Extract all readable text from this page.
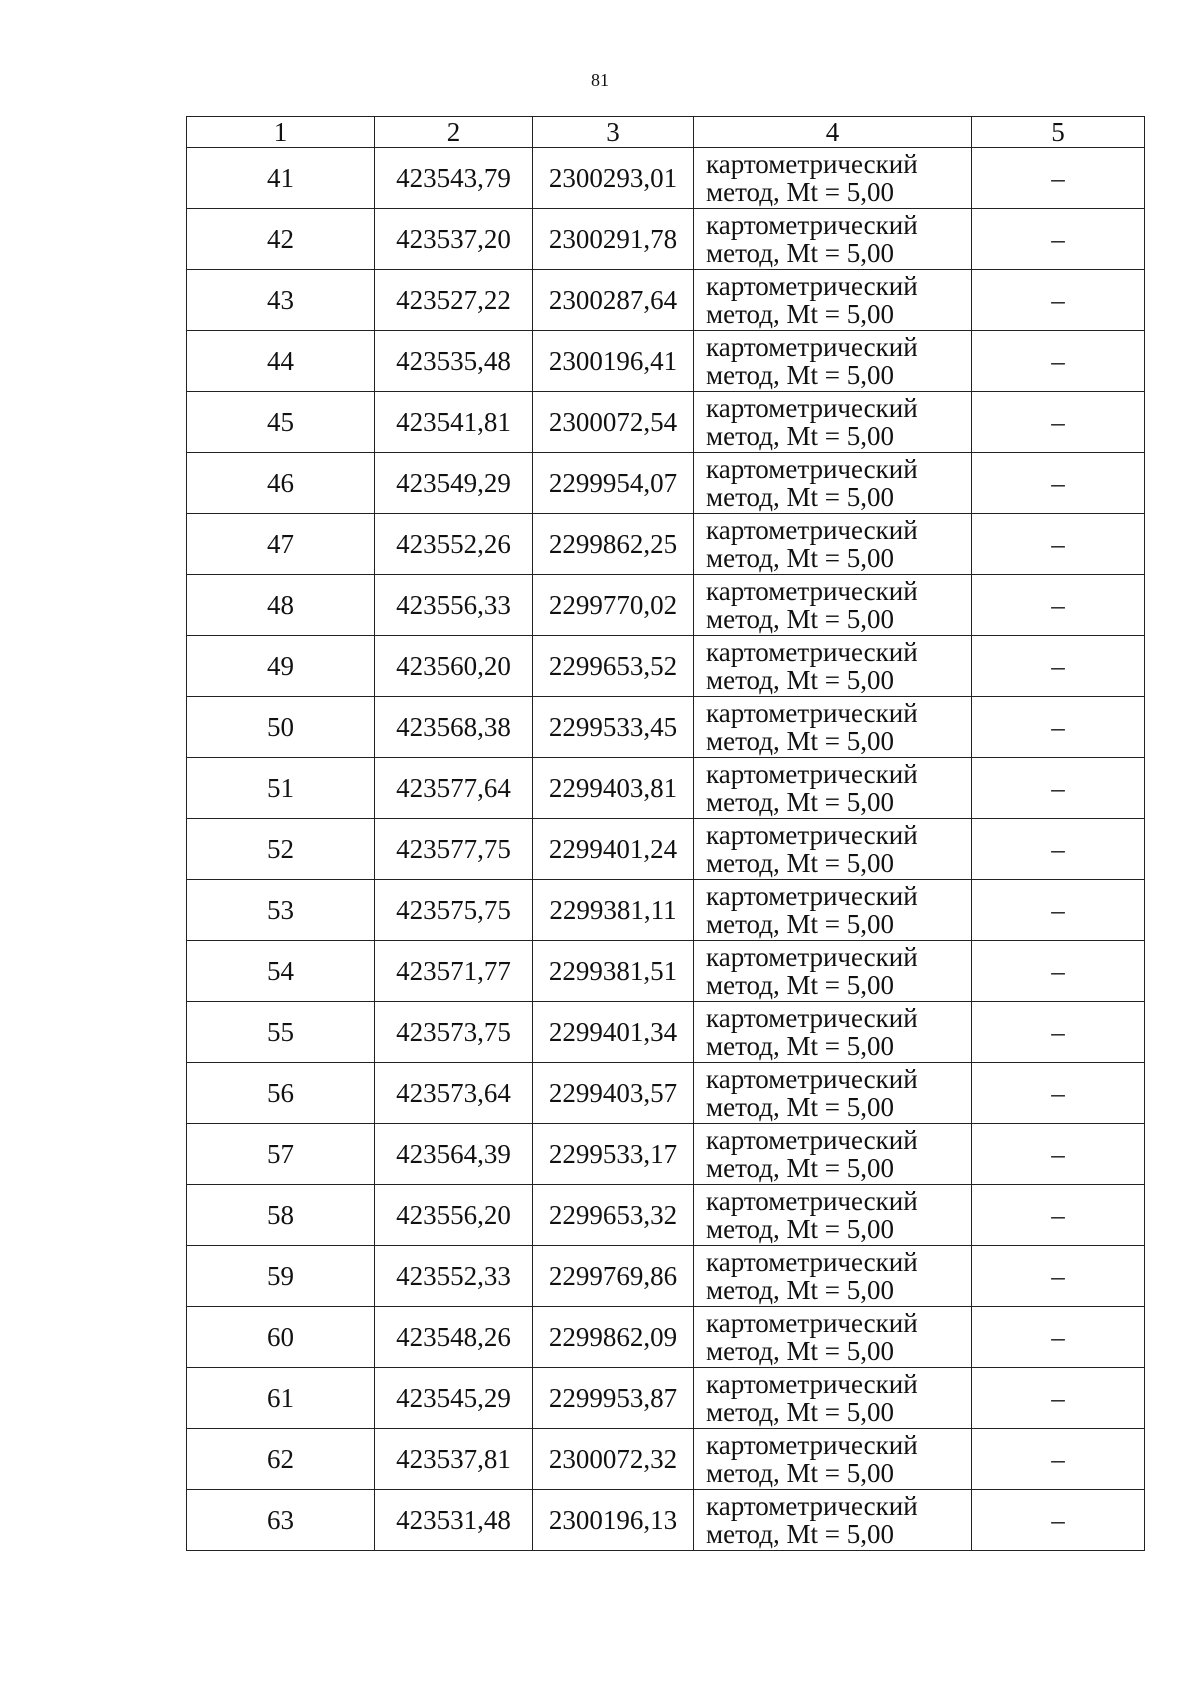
81
1	2	3	4	5
41	423543,79	2300293,01	картометрический
метод, Mt = 5,00	–
42	423537,20	2300291,78	картометрический
метод, Mt = 5,00	–
43	423527,22	2300287,64	картометрический
метод, Mt = 5,00	–
44	423535,48	2300196,41	картометрический
метод, Mt = 5,00	–
45	423541,81	2300072,54	картометрический
метод, Mt = 5,00	–
46	423549,29	2299954,07	картометрический
метод, Mt = 5,00	–
47	423552,26	2299862,25	картометрический
метод, Mt = 5,00	–
48	423556,33	2299770,02	картометрический
метод, Mt = 5,00	–
49	423560,20	2299653,52	картометрический
метод, Mt = 5,00	–
50	423568,38	2299533,45	картометрический
метод, Mt = 5,00	–
51	423577,64	2299403,81	картометрический
метод, Mt = 5,00	–
52	423577,75	2299401,24	картометрический
метод, Mt = 5,00	–
53	423575,75	2299381,11	картометрический
метод, Mt = 5,00	–
54	423571,77	2299381,51	картометрический
метод, Mt = 5,00	–
55	423573,75	2299401,34	картометрический
метод, Mt = 5,00	–
56	423573,64	2299403,57	картометрический
метод, Mt = 5,00	–
57	423564,39	2299533,17	картометрический
метод, Mt = 5,00	–
58	423556,20	2299653,32	картометрический
метод, Mt = 5,00	–
59	423552,33	2299769,86	картометрический
метод, Mt = 5,00	–
60	423548,26	2299862,09	картометрический
метод, Mt = 5,00	–
61	423545,29	2299953,87	картометрический
метод, Mt = 5,00	–
62	423537,81	2300072,32	картометрический
метод, Mt = 5,00	–
63	423531,48	2300196,13	картометрический
метод, Mt = 5,00	–
